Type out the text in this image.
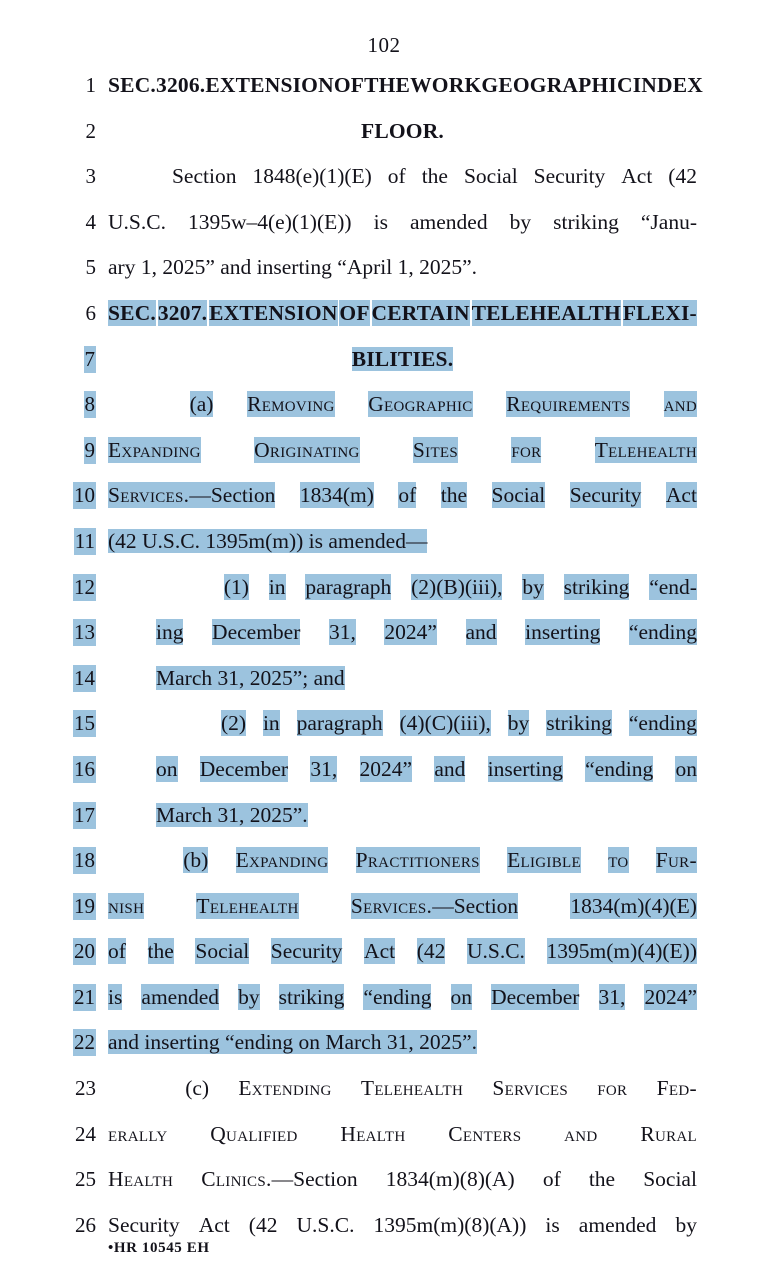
102
1 SEC. 3206. EXTENSION OF THE WORK GEOGRAPHIC INDEX
2	FLOOR.
3	Section 1848(e)(1)(E) of the Social Security Act (42
4 U.S.C. 1395w–4(e)(1)(E)) is amended by striking “Janu-
5 ary 1, 2025” and inserting “April 1, 2025”.
6 SEC. 3207. EXTENSION OF CERTAIN TELEHEALTH FLEXI-
7	BILITIES.
8	(a) Removing Geographic Requirements and
9 Expanding Originating Sites for Telehealth
10 Services. —Section 1834(m) of the Social Security Act
11 (42 U.S.C. 1395m(m)) is amended—
12	(1) in paragraph (2)(B)(iii), by striking “end-
13	ing December 31, 2024” and inserting “ending
14	March 31, 2025”; and
15	(2) in paragraph (4)(C)(iii), by striking “ending
16	on December 31, 2024” and inserting “ending on
17	March 31, 2025”.
18	(b) Expanding Practitioners Eligible to Fur-
19 nish Telehealth Services. —Section 1834(m)(4)(E)
20 of the Social Security Act (42 U.S.C. 1395m(m)(4)(E))
21 is amended by striking “ending on December 31, 2024”
22 and inserting “ending on March 31, 2025”.
23	(c) Extending Telehealth Services for Fed-
24 erally Qualified Health Centers and Rural
25 Health Clinics. —Section 1834(m)(8)(A) of the Social
26 Security Act (42 U.S.C. 1395m(m)(8)(A)) is amended by
•HR 10545 EH
